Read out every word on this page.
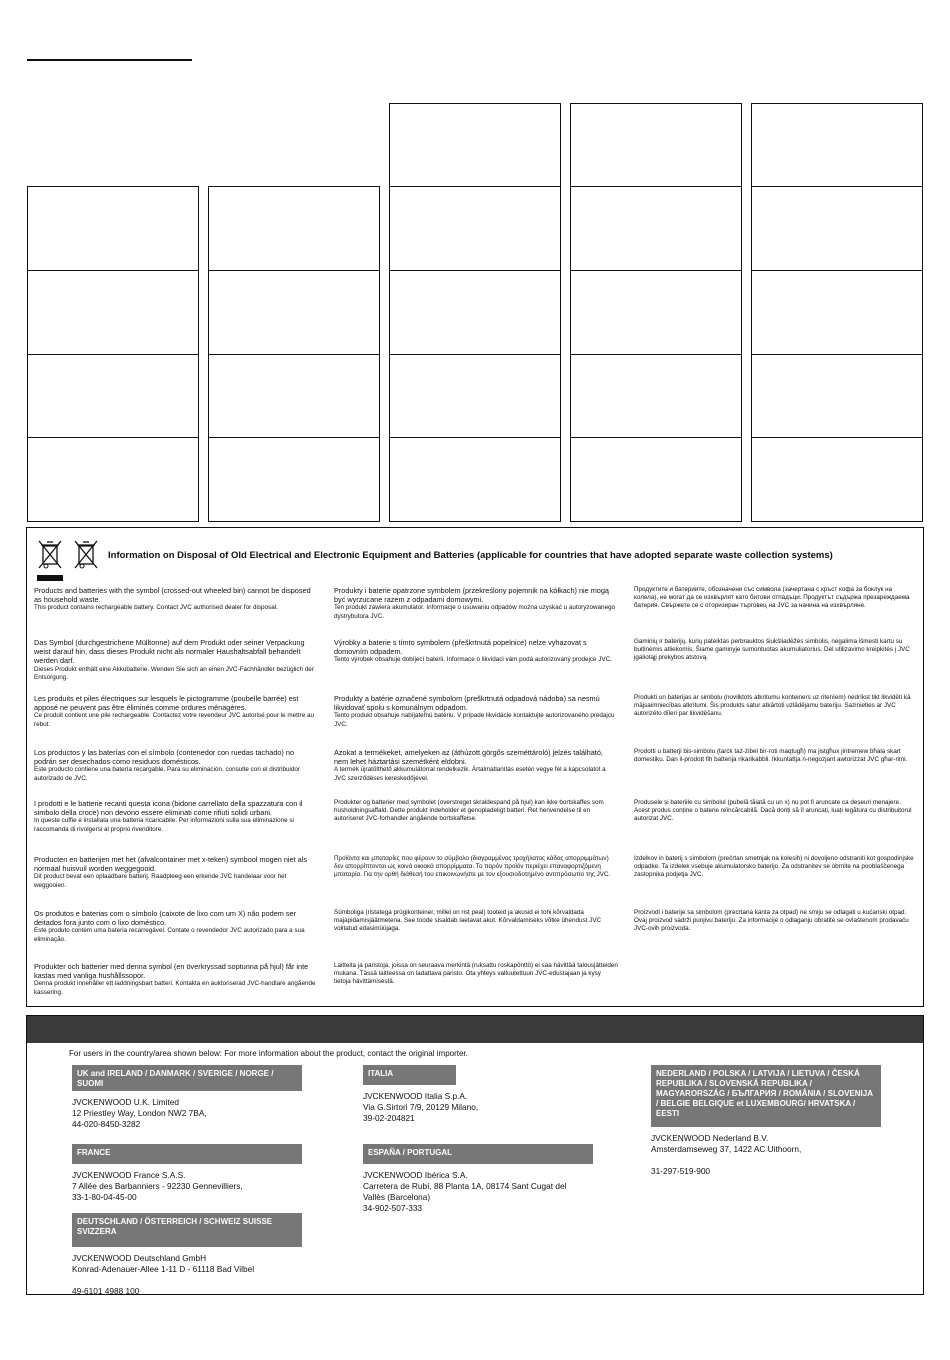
Information on Disposal of Old Electrical and Electronic Equipment and Batteries (applicable for countries that have adopted separate waste collection systems)
Products and batteries with the symbol (crossed-out wheeled bin) cannot be disposed as household waste.
This product contains rechargeable battery. Contact JVC authorised dealer for disposal.
Das Symbol (durchgestrichene Mülltonne) auf dem Produkt oder seiner Verpackung weist darauf hin, dass dieses Produkt nicht als normaler Haushaltsabfall behandelt werden darf.
Dieses Produkt enthält eine Akkubatterie. Wenden Sie sich an einen JVC-Fachhändler bezüglich der Entsorgung.
Les produits et piles électriques sur lesquels le pictogramme (poubelle barrée) est apposé ne peuvent pas être éliminés comme ordures ménagères.
Ce produit contient une pile rechargeable. Contactez votre revendeur JVC autorisé pour le mettre au rebut.
Los productos y las baterías con el símbolo (contenedor con ruedas tachado) no podrán ser desechados como residuos domésticos.
Este producto contiene una batería recargable. Para su eliminación, consulte con el distribuidor autorizado de JVC.
I prodotti e le batterie recanti questa icona (bidone carrellato della spazzatura con il simbolo della croce) non devono essere eliminati come rifiuti solidi urbani.
In queste cuffie è installata una batteria ricaricabile. Per informazioni sulla sua eliminazione si raccomanda di rivolgersi al proprio rivenditore.
Producten en batterijen met het (afvalcontainer met x-teken) symbool mogen niet als normaal huisvuil worden weggegooid.
Dit product bevat een oplaadbare batterij. Raadpleeg een erkende JVC handelaar voor het weggooien.
Os produtos e baterias com o símbolo (caixote de lixo com um X) não podem ser deitados fora junto com o lixo doméstico.
Este produto contém uma bateria recarregável. Contate o revendedor JVC autorizado para a sua eliminação.
Produkter och batterier med denna symbol (en överkryssad soptunna på hjul) får inte kastas med vanliga hushållssopor.
Denna produkt innehåller ett laddningsbart batteri. Kontakta en auktoriserad JVC-handlare angående kassering.
Produkty i baterie opatrzone symbolem (przekreślony pojemnik na kółkach) nie mogą być wyrzucane razem z odpadami domowymi.
Ten produkt zawiera akumulator. Informacje o usuwaniu odpadów można uzyskać u autoryzowanego dystrybutora JVC.
Výrobky a baterie s tímto symbolem (přeškrtnutá popelnice) nelze vyhazovat s domovním odpadem.
Tento výrobek obsahuje dobíjecí baterii. Informace o likvidaci vám podá autorizovaný prodejce JVC.
Produkty a batérie označené symbolom (preškrtnutá odpadová nádoba) sa nesmú likvidovať spolu s komunálnym odpadom.
Tento produkt obsahuje nabíjateľnú batériu. V prípade likvidácie kontaktujte autorizovaného predajcu JVC.
Azokat a termékeket, amelyeken az (áthúzott görgős szeméttároló) jelzés található, nem lehet háztartási szemétként eldobni.
A termék újratölthető akkumulátorral rendelkezik. Ártalmatlanítás esetén vegye fel a kapcsolatot a JVC szerződéses kereskedőjével.
Produkter og batterier med symbolet (overstreget skraldespand på hjul) kan ikke bortskaffes som husholdningsaffald. Dette produkt indeholder et genopladeligt batteri. Ret henvendelse til en autoriseret JVC-forhandler angående bortskaffelse.
Προϊόντα και μπαταρίες που φέρουν το σύμβολο (διαγραμμένος τροχήλατος κάδος απορριμμάτων) δεν απορρίπτονται ως κοινά οικιακά απορρίμματα. Το παρόν προϊόν περιέχει επαναφορτιζόμενη μπαταρία. Για την ορθή διάθεσή του επικοινωνήστε με τον εξουσιοδοτημένο αντιπρόσωπο της JVC.
Sümboliga (ristatega prügikonteiner, millel on rist peal) tooteid ja akusid ei tohi kõrvaldada majapidamisjäätmetena. See toode sisaldab laetavat akut. Kõrvaldamiseks võtke ühendust JVC volitatud edasimüüjaga.
Laitteita ja paristoja, joissa on seuraava merkintä (ruksattu roskapönttö) ei saa hävittää talousjätteiden mukana. Tässä laitteessa on ladattava paristo. Ota yhteys valtuutettuun JVC-edustajaan ja kysy tietoja hävittämisestä.
Продуктите и батериите, обозначени със символа (зачертана с кръст кофа за боклук на колела), не могат да се изхвърлят като битови отпадъци. Продуктът съдържа презареждаема батерия. Свържете се с оторизиран търговец на JVC за начина на изхвърляне.
Gaminių ir baterijų, kurių pateiktas perbrauktos šiukšliadėžės simbolis, negalima išmesti kartu su buitinėmis atliekomis. Šiame gaminyje sumontuotas akumuliatorius. Dėl utilizavimo kreipkitės į JVC įgaliotąjį prekybos atstovą.
Produkti un baterijas ar simbolu (novilktots atkritumu konteiners uz ritenīem) nedrīkst tikt likvidēti kā mājsaimniecības atkritumi. Šis produkts satur atkārtoti uzlādējamu bateriju. Sazinieties ar JVC autorizēto dīleri par likvidēšanu.
Prodotti u batterji bis-simbolu (tarċk taż-żibel bir-roti maqtugħ) ma jistgħux jintremew bħala skart domestiku. Dan il-prodott fih batterija rikarikabbli. Ikkuntattja n-negozjant awtorizzat JVC għar-rimi.
Produsele și bateriile cu simbolul (pubelă tăiată cu un x) nu pot fi aruncate ca deșeuri menajere. Acest produs conține o baterie reîncărcabilă. Dacă doriți să îl aruncați, luați legătura cu distribuitorul autorizat JVC.
Izdelkov in baterij s simbolom (prečrtan smetnjak na kolesih) ni dovoljeno odstraniti kot gospodinjske odpadke. Ta izdelek vsebuje akumulatorsko baterijo. Za odstranitev se obrnite na pooblaščenega zastopnika podjetja JVC.
Proizvodi i baterije sa simbolom (precrtana kanta za otpad) ne smiju se odlagati u kućanski otpad. Ovaj proizvod sadrži punjivu bateriju. Za informacije o odlaganju obratite se ovlaštenom prodavaču JVC-ovih proizvoda.
For users in the country/area shown below: For more information about the product, contact the original importer.
UK and IRELAND / DANMARK / SVERIGE / NORGE / SUOMI
JVCKENWOOD U.K. Limited
12 Priestley Way, London NW2 7BA,
44-020-8450-3282
FRANCE
JVCKENWOOD France S.A.S.
7 Allée des Barbanniers - 92230 Gennevilliers,
33-1-80-04-45-00
DEUTSCHLAND / ÖSTERREICH / SCHWEIZ SUISSE SVIZZERA
JVCKENWOOD Deutschland GmbH
Konrad-Adenauer-Allee 1-11 D - 61118 Bad Vilbel
49-6101 4988 100
ITALIA
JVCKENWOOD Italia S.p.A.
Via G.Sirtori 7/9, 20129 Milano,
39-02-204821
ESPAÑA / PORTUGAL
JVCKENWOOD Ibérica S.A.
Carretera de Rubí, 88 Planta 1A, 08174 Sant Cugat del
Vallès (Barcelona)
34-902-507-333
NEDERLAND / POLSKA / LATVIJA / LIETUVA / ČESKÁ REPUBLIKA / SLOVENSKÁ REPUBLIKA / MAGYARORSZÁG / БЪЛГАРИЯ / ROMÂNIA / SLOVENIJA / BELGIE BELGIQUE et LUXEMBOURG/ HRVATSKA / EESTI
JVCKENWOOD Nederland B.V.
Amsterdamseweg 37, 1422 AC Uithoorn,
31-297-519-900
